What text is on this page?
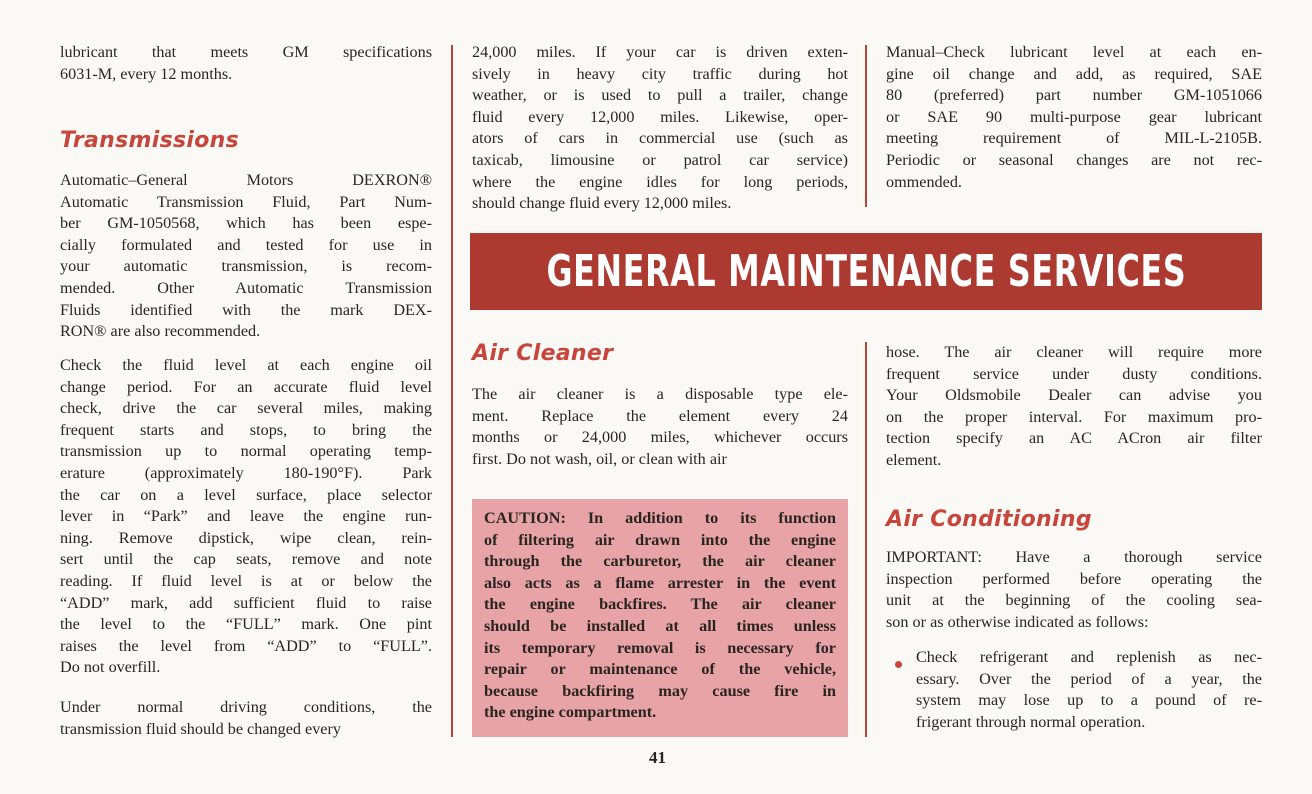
lubricant that meets GM specifications
6031-M, every 12 months.
Transmissions
Automatic–General Motors DEXRON®
Automatic Transmission Fluid, Part Num-
ber GM-1050568, which has been espe-
cially formulated and tested for use in
your automatic transmission, is recom-
mended. Other Automatic Transmission
Fluids identified with the mark DEX-
RON® are also recommended.
Check the fluid level at each engine oil
change period. For an accurate fluid level
check, drive the car several miles, making
frequent starts and stops, to bring the
transmission up to normal operating temp-
erature (approximately 180-190°F). Park
the car on a level surface, place selector
lever in “Park” and leave the engine run-
ning. Remove dipstick, wipe clean, rein-
sert until the cap seats, remove and note
reading. If fluid level is at or below the
“ADD” mark, add sufficient fluid to raise
the level to the “FULL” mark. One pint
raises the level from “ADD” to “FULL”.
Do not overfill.
Under normal driving conditions, the
transmission fluid should be changed every
24,000 miles. If your car is driven exten-
sively in heavy city traffic during hot
weather, or is used to pull a trailer, change
fluid every 12,000 miles. Likewise, oper-
ators of cars in commercial use (such as
taxicab, limousine or patrol car service)
where the engine idles for long periods,
should change fluid every 12,000 miles.
GENERAL MAINTENANCE SERVICES
Air Cleaner
The air cleaner is a disposable type ele-
ment. Replace the element every 24
months or 24,000 miles, whichever occurs
first. Do not wash, oil, or clean with air
CAUTION: In addition to its function
of filtering air drawn into the engine
through the carburetor, the air cleaner
also acts as a flame arrester in the event
the engine backfires. The air cleaner
should be installed at all times unless
its temporary removal is necessary for
repair or maintenance of the vehicle,
because backfiring may cause fire in
the engine compartment.
41
Manual–Check lubricant level at each en-
gine oil change and add, as required, SAE
80 (preferred) part number GM-1051066
or SAE 90 multi-purpose gear lubricant
meeting requirement of MIL-L-2105B.
Periodic or seasonal changes are not rec-
ommended.
hose. The air cleaner will require more
frequent service under dusty conditions.
Your Oldsmobile Dealer can advise you
on the proper interval. For maximum pro-
tection specify an AC ACron air filter
element.
Air Conditioning
IMPORTANT: Have a thorough service
inspection performed before operating the
unit at the beginning of the cooling sea-
son or as otherwise indicated as follows:
Check refrigerant and replenish as nec-
essary. Over the period of a year, the
system may lose up to a pound of re-
frigerant through normal operation.
